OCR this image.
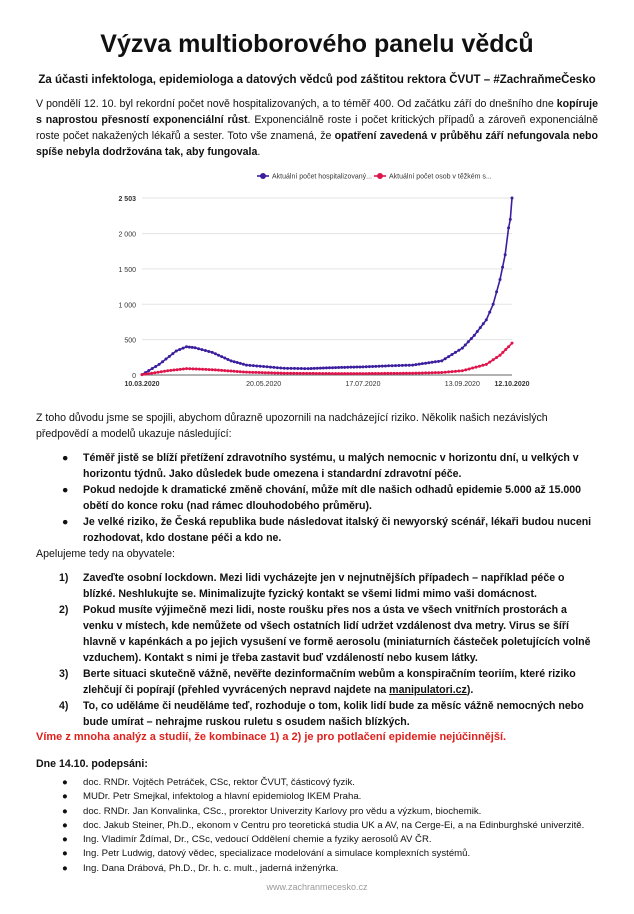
Výzva multioborového panelu vědců
Za účasti infektologa, epidemiologa a datových vědců pod záštitou rektora ČVUT – #ZachraňmeČesko
V pondělí 12. 10. byl rekordní počet nově hospitalizovaných, a to téměř 400. Od začátku září do dnešního dne kopíruje s naprostou přesností exponenciální růst. Exponenciálně roste i počet kritických případů a zároveň exponenciálně roste počet nakažených lékařů a sester. Toto vše znamená, že opatření zavedená v průběhu září nefungovala nebo spíše nebyla dodržována tak, aby fungovala.
0
500
1 000
1 500
2 000
2 503
10.03.2020	20.05.2020	17.07.2020	13.09.2020 12.10.2020
Aktuální počet hospitalizovaný... Aktuální počet osob v těžkém s...
Z toho důvodu jsme se spojili, abychom důrazně upozornili na nadcházející riziko. Několik našich nezávislých předpovědí a modelů ukazuje následující:
● Téměř jistě se blíží přetížení zdravotního systému, u malých nemocnic v horizontu dní, u velkých v horizontu týdnů. Jako důsledek bude omezena i standardní zdravotní péče.
● Pokud nedojde k dramatické změně chování, může mít dle našich odhadů epidemie 5.000 až 15.000 obětí do konce roku (nad rámec dlouhodobého průměru).
● Je velké riziko, že Česká republika bude následovat italský či newyorský scénář, lékaři budou nuceni rozhodovat, kdo dostane péči a kdo ne.
Apelujeme tedy na obyvatele:
1) Zaveďte osobní lockdown. Mezi lidi vycházejte jen v nejnutnějších případech – například péče o blízké. Neshlukujte se. Minimalizujte fyzický kontakt se všemi lidmi mimo vaši domácnost.
2) Pokud musíte výjimečně mezi lidi, noste roušku přes nos a ústa ve všech vnitřních prostorách a venku v místech, kde nemůžete od všech ostatních lidí udržet vzdálenost dva metry. Virus se šíří hlavně v kapénkách a po jejich vysušení ve formě aerosolu (miniaturních částeček poletujících volně vzduchem). Kontakt s nimi je třeba zastavit buď vzdáleností nebo kusem látky.
3) Berte situaci skutečně vážně, nevěřte dezinformačním webům a konspiračním teoriím, které riziko zlehčují či popírají (přehled vyvrácených nepravd najdete na manipulatori.cz).
4) To, co uděláme či neuděláme teď, rozhoduje o tom, kolik lidí bude za měsíc vážně nemocných nebo bude umírat – nehrajme ruskou ruletu s osudem našich blízkých.
Víme z mnoha analýz a studií, že kombinace 1) a 2) je pro potlačení epidemie nejúčinnější.
Dne 14.10. podepsáni:
● doc. RNDr. Vojtěch Petráček, CSc, rektor ČVUT, částicový fyzik.
● MUDr. Petr Smejkal, infektolog a hlavní epidemiolog IKEM Praha.
● doc. RNDr. Jan Konvalinka, CSc., prorektor Univerzity Karlovy pro vědu a výzkum, biochemik.
● doc. Jakub Steiner, Ph.D., ekonom v Centru pro teoretická studia UK a AV, na Cerge-Ei, a na Edinburghské univerzitě.
● Ing. Vladimír Ždímal, Dr., CSc, vedoucí Oddělení chemie a fyziky aerosolů AV ČR.
● Ing. Petr Ludwig, datový vědec, specializace modelování a simulace komplexních systémů.
● Ing. Dana Drábová, Ph.D., Dr. h. c. mult., jaderná inženýrka.
www.zachranmecesko.cz
